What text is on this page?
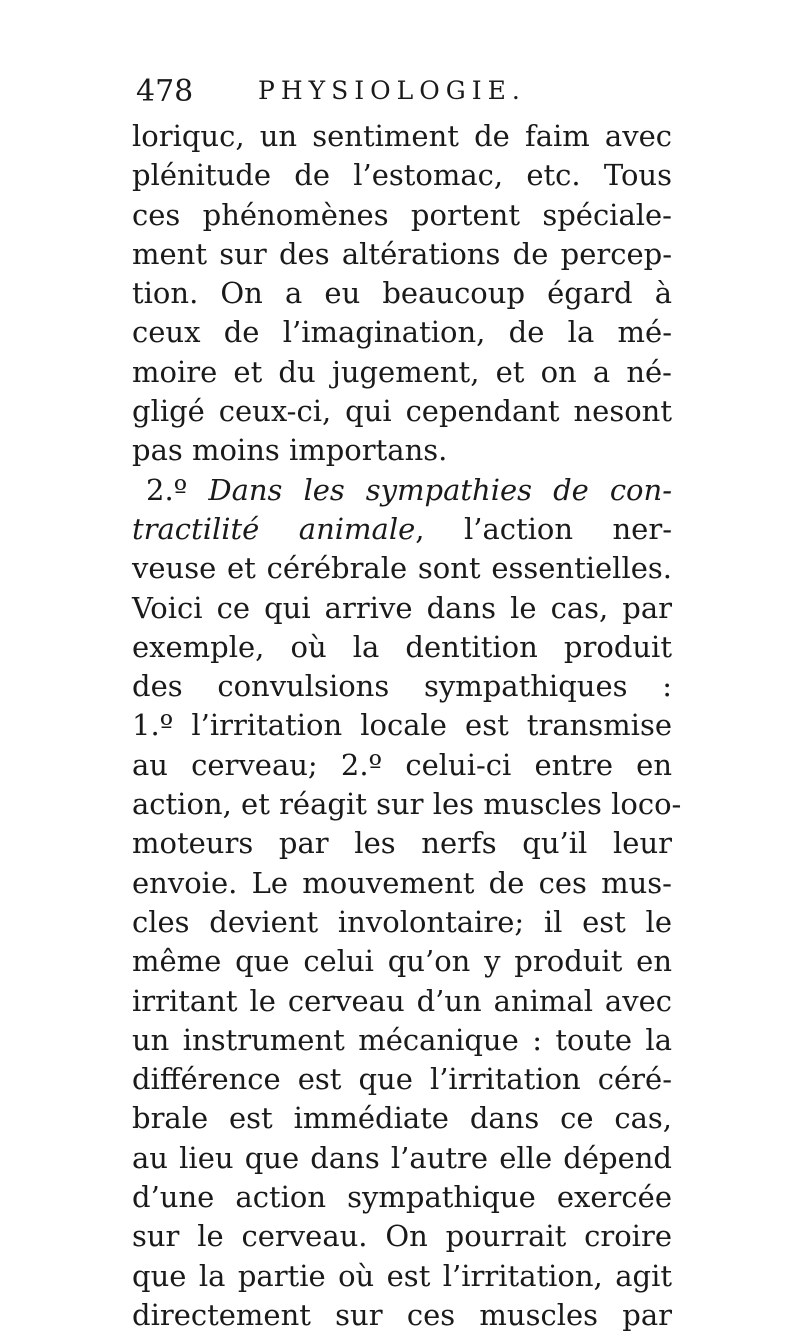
478	PHYSIOLOGIE.
loriquc, un sentiment de faim avec
plénitude de l’estomac, etc. Tous
ces phénomènes portent spéciale-
ment sur des altérations de percep-
tion. On a eu beaucoup égard à
ceux de l’imagination, de la mé-
moire et du jugement, et on a né-
gligé ceux-ci, qui cependant nesont
pas moins importans.
2.º Dans les sympathies de con-
tractilité animale, l’action ner-
veuse et cérébrale sont essentielles.
Voici ce qui arrive dans le cas, par
exemple, où la dentition produit
des convulsions sympathiques :
1.º l’irritation locale est transmise
au cerveau; 2.º celui-ci entre en
action, et réagit sur les muscles loco-
moteurs par les nerfs qu’il leur
envoie. Le mouvement de ces mus-
cles devient involontaire; il est le
même que celui qu’on y produit en
irritant le cerveau d’un animal avec
un instrument mécanique : toute la
différence est que l’irritation céré-
brale est immédiate dans ce cas,
au lieu que dans l’autre elle dépend
d’une action sympathique exercée
sur le cerveau. On pourrait croire
que la partie où est l’irritation, agit
directement sur ces muscles par
